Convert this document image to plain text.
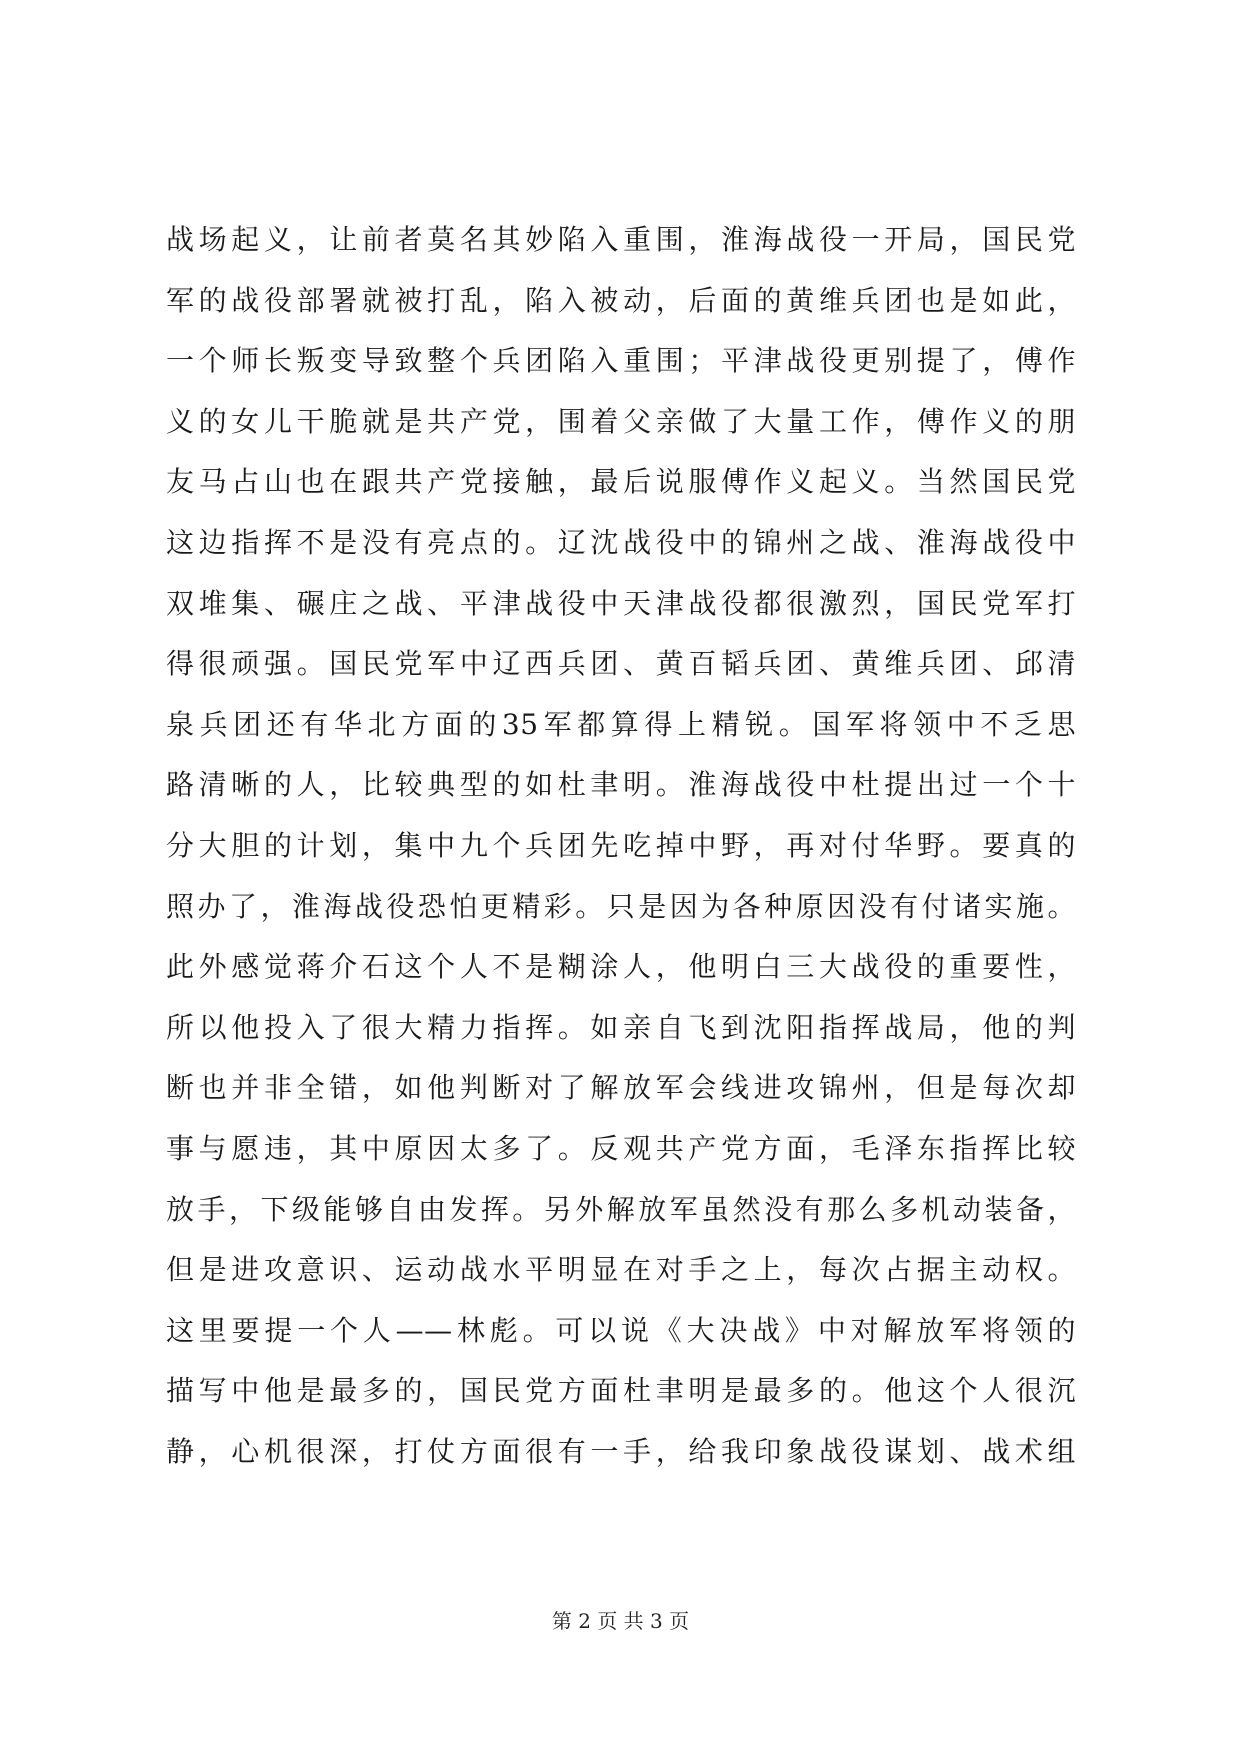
战场起义，让前者莫名其妙陷入重围，淮海战役一开局，国民党
军的战役部署就被打乱，陷入被动，后面的黄维兵团也是如此，
一个师长叛变导致整个兵团陷入重围；平津战役更别提了，傅作
义的女儿干脆就是共产党，围着父亲做了大量工作，傅作义的朋
友马占山也在跟共产党接触，最后说服傅作义起义。当然国民党
这边指挥不是没有亮点的。辽沈战役中的锦州之战、淮海战役中
双堆集、碾庄之战、平津战役中天津战役都很激烈，国民党军打
得很顽强。国民党军中辽西兵团、黄百韬兵团、黄维兵团、邱清
泉兵团还有华北方面的35军都算得上精锐。国军将领中不乏思
路清晰的人，比较典型的如杜聿明。淮海战役中杜提出过一个十
分大胆的计划，集中九个兵团先吃掉中野，再对付华野。要真的
照办了，淮海战役恐怕更精彩。只是因为各种原因没有付诸实施。
此外感觉蒋介石这个人不是糊涂人，他明白三大战役的重要性，
所以他投入了很大精力指挥。如亲自飞到沈阳指挥战局，他的判
断也并非全错，如他判断对了解放军会线进攻锦州，但是每次却
事与愿违，其中原因太多了。反观共产党方面，毛泽东指挥比较
放手，下级能够自由发挥。另外解放军虽然没有那么多机动装备，
但是进攻意识、运动战水平明显在对手之上，每次占据主动权。
这里要提一个人——林彪。可以说《大决战》中对解放军将领的
描写中他是最多的，国民党方面杜聿明是最多的。他这个人很沉
静，心机很深，打仗方面很有一手，给我印象战役谋划、战术组
第 2 页 共 3 页
